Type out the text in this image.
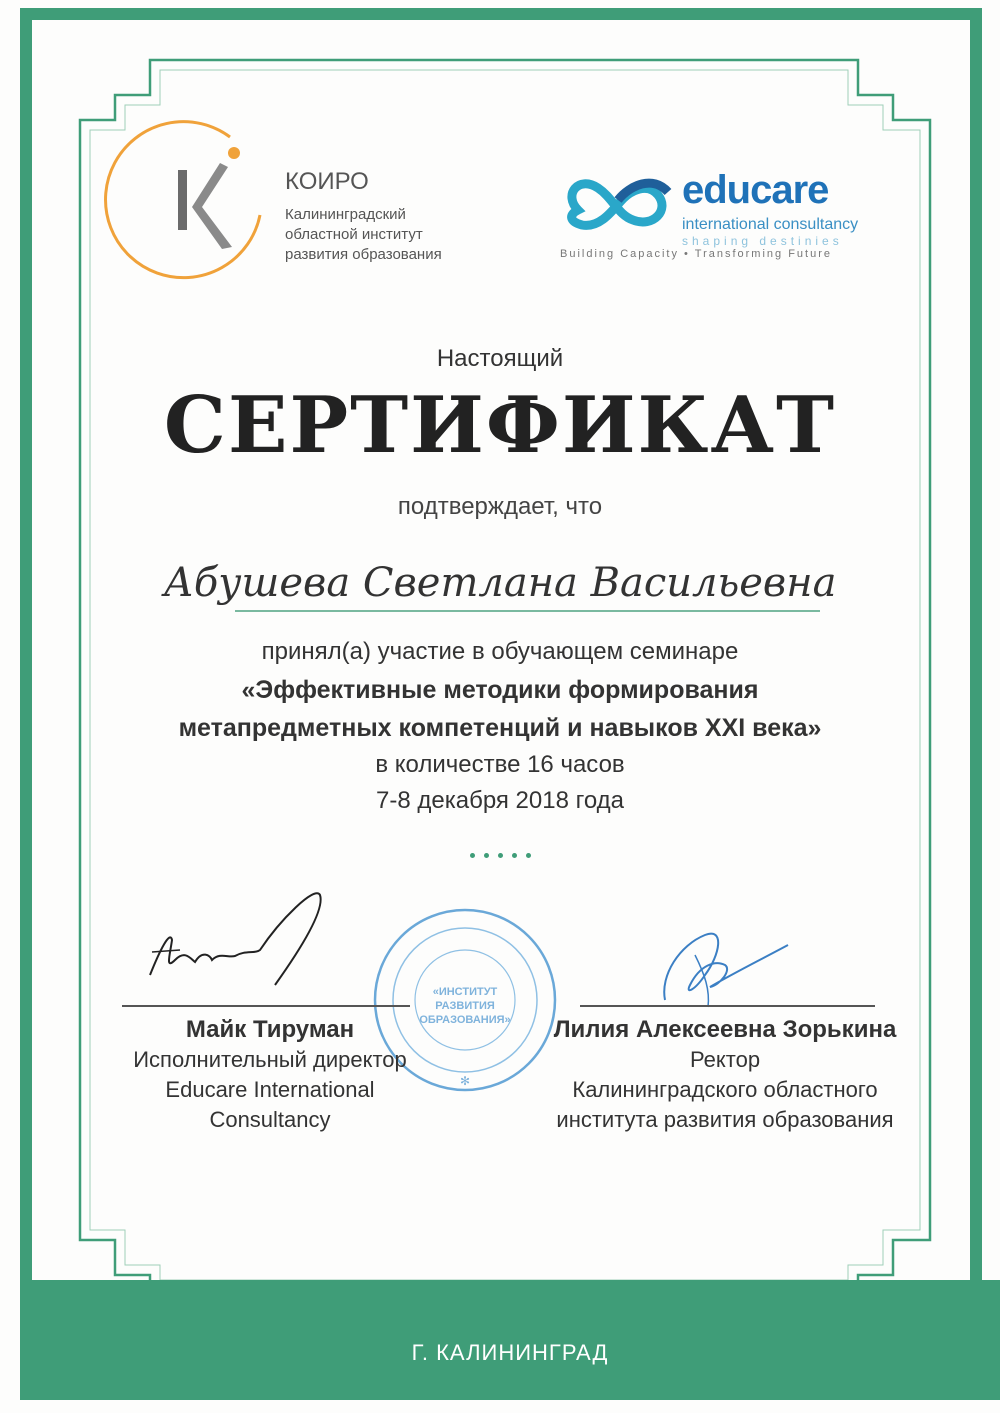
КОИРО
Калининградский
областной институт
развития образования
educare
international consultancy
shaping destinies
Building Capacity • Transforming Future
Настоящий
СЕРТИФИКАТ
подтверждает, что
Абушева Светлана Васильевна
принял(а) участие в обучающем семинаре
«Эффективные методики формирования
метапредметных компетенций и навыков XXI века»
в количестве 16 часов
7-8 декабря 2018 года
«ИНСТИТУТ
РАЗВИТИЯ
ОБРАЗОВАНИЯ»
✻
Майк Тируман
Исполнительный директор
Educare International
Consultancy
Лилия Алексеевна Зорькина
Ректор
Калининградского областного
института развития образования
Г. КАЛИНИНГРАД
